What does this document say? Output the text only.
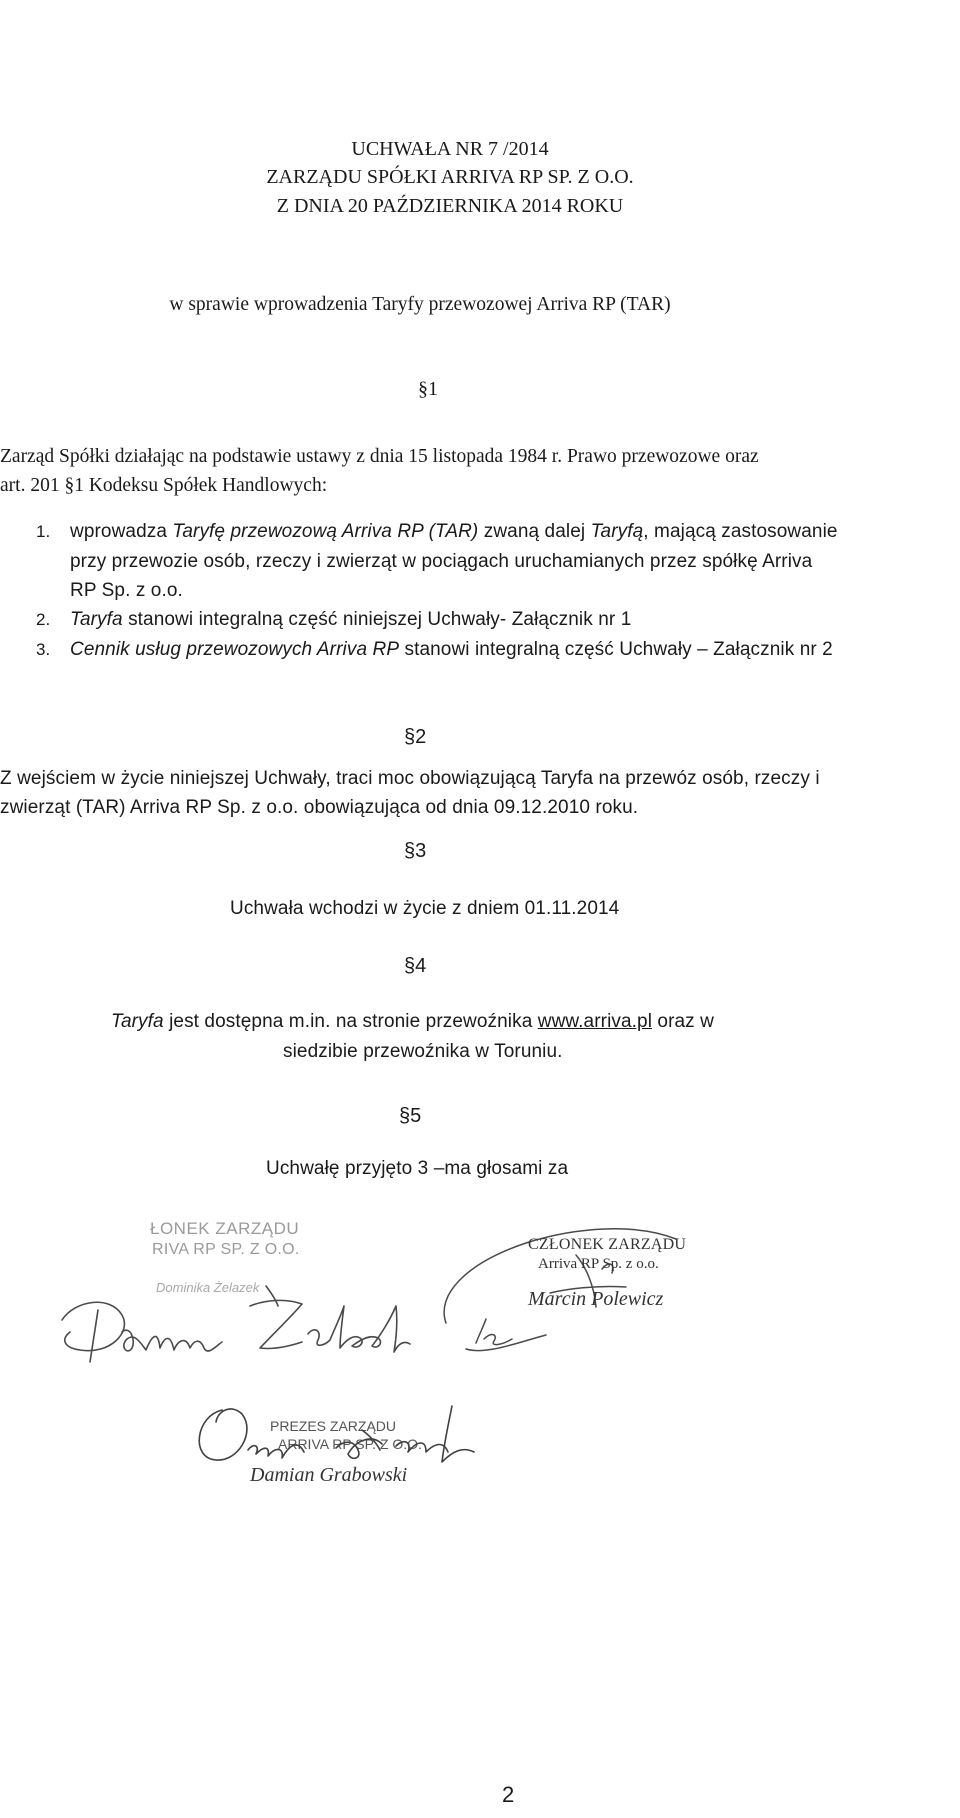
UCHWAŁA NR 7 /2014
ZARZĄDU SPÓŁKI ARRIVA RP SP. Z O.O.
Z DNIA 20 PAŹDZIERNIKA 2014 ROKU
w sprawie wprowadzenia Taryfy przewozowej Arriva RP (TAR)
§1
Zarząd Spółki działając na podstawie ustawy z dnia 15 listopada 1984 r. Prawo przewozowe oraz
art. 201 §1 Kodeksu Spółek Handlowych:
1. wprowadza Taryfę przewozową Arriva RP (TAR) zwaną dalej Taryfą, mającą zastosowanie
przy przewozie osób, rzeczy i zwierząt w pociągach uruchamianych przez spółkę Arriva
RP Sp. z o.o.
2. Taryfa stanowi integralną część niniejszej Uchwały- Załącznik nr 1
3. Cennik usług przewozowych Arriva RP stanowi integralną część Uchwały – Załącznik nr 2
§2
Z wejściem w życie niniejszej Uchwały, traci moc obowiązującą Taryfa na przewóz osób, rzeczy i
zwierząt (TAR) Arriva RP Sp. z o.o. obowiązująca od dnia 09.12.2010 roku.
§3
Uchwała wchodzi w życie z dniem 01.11.2014
§4
Taryfa jest dostępna m.in. na stronie przewoźnika www.arriva.pl oraz w
siedzibie przewoźnika w Toruniu.
§5
Uchwałę przyjęto 3 –ma głosami za
ŁONEK ZARZĄDU
RIVA RP SP. Z O.O.
Dominika Żelazek
CZŁONEK ZARZĄDU
Arriva RP Sp. z o.o.
Marcin Polewicz
PREZES ZARZĄDU
ARRIVA RP SP. Z O.O.
Damian Grabowski
2
